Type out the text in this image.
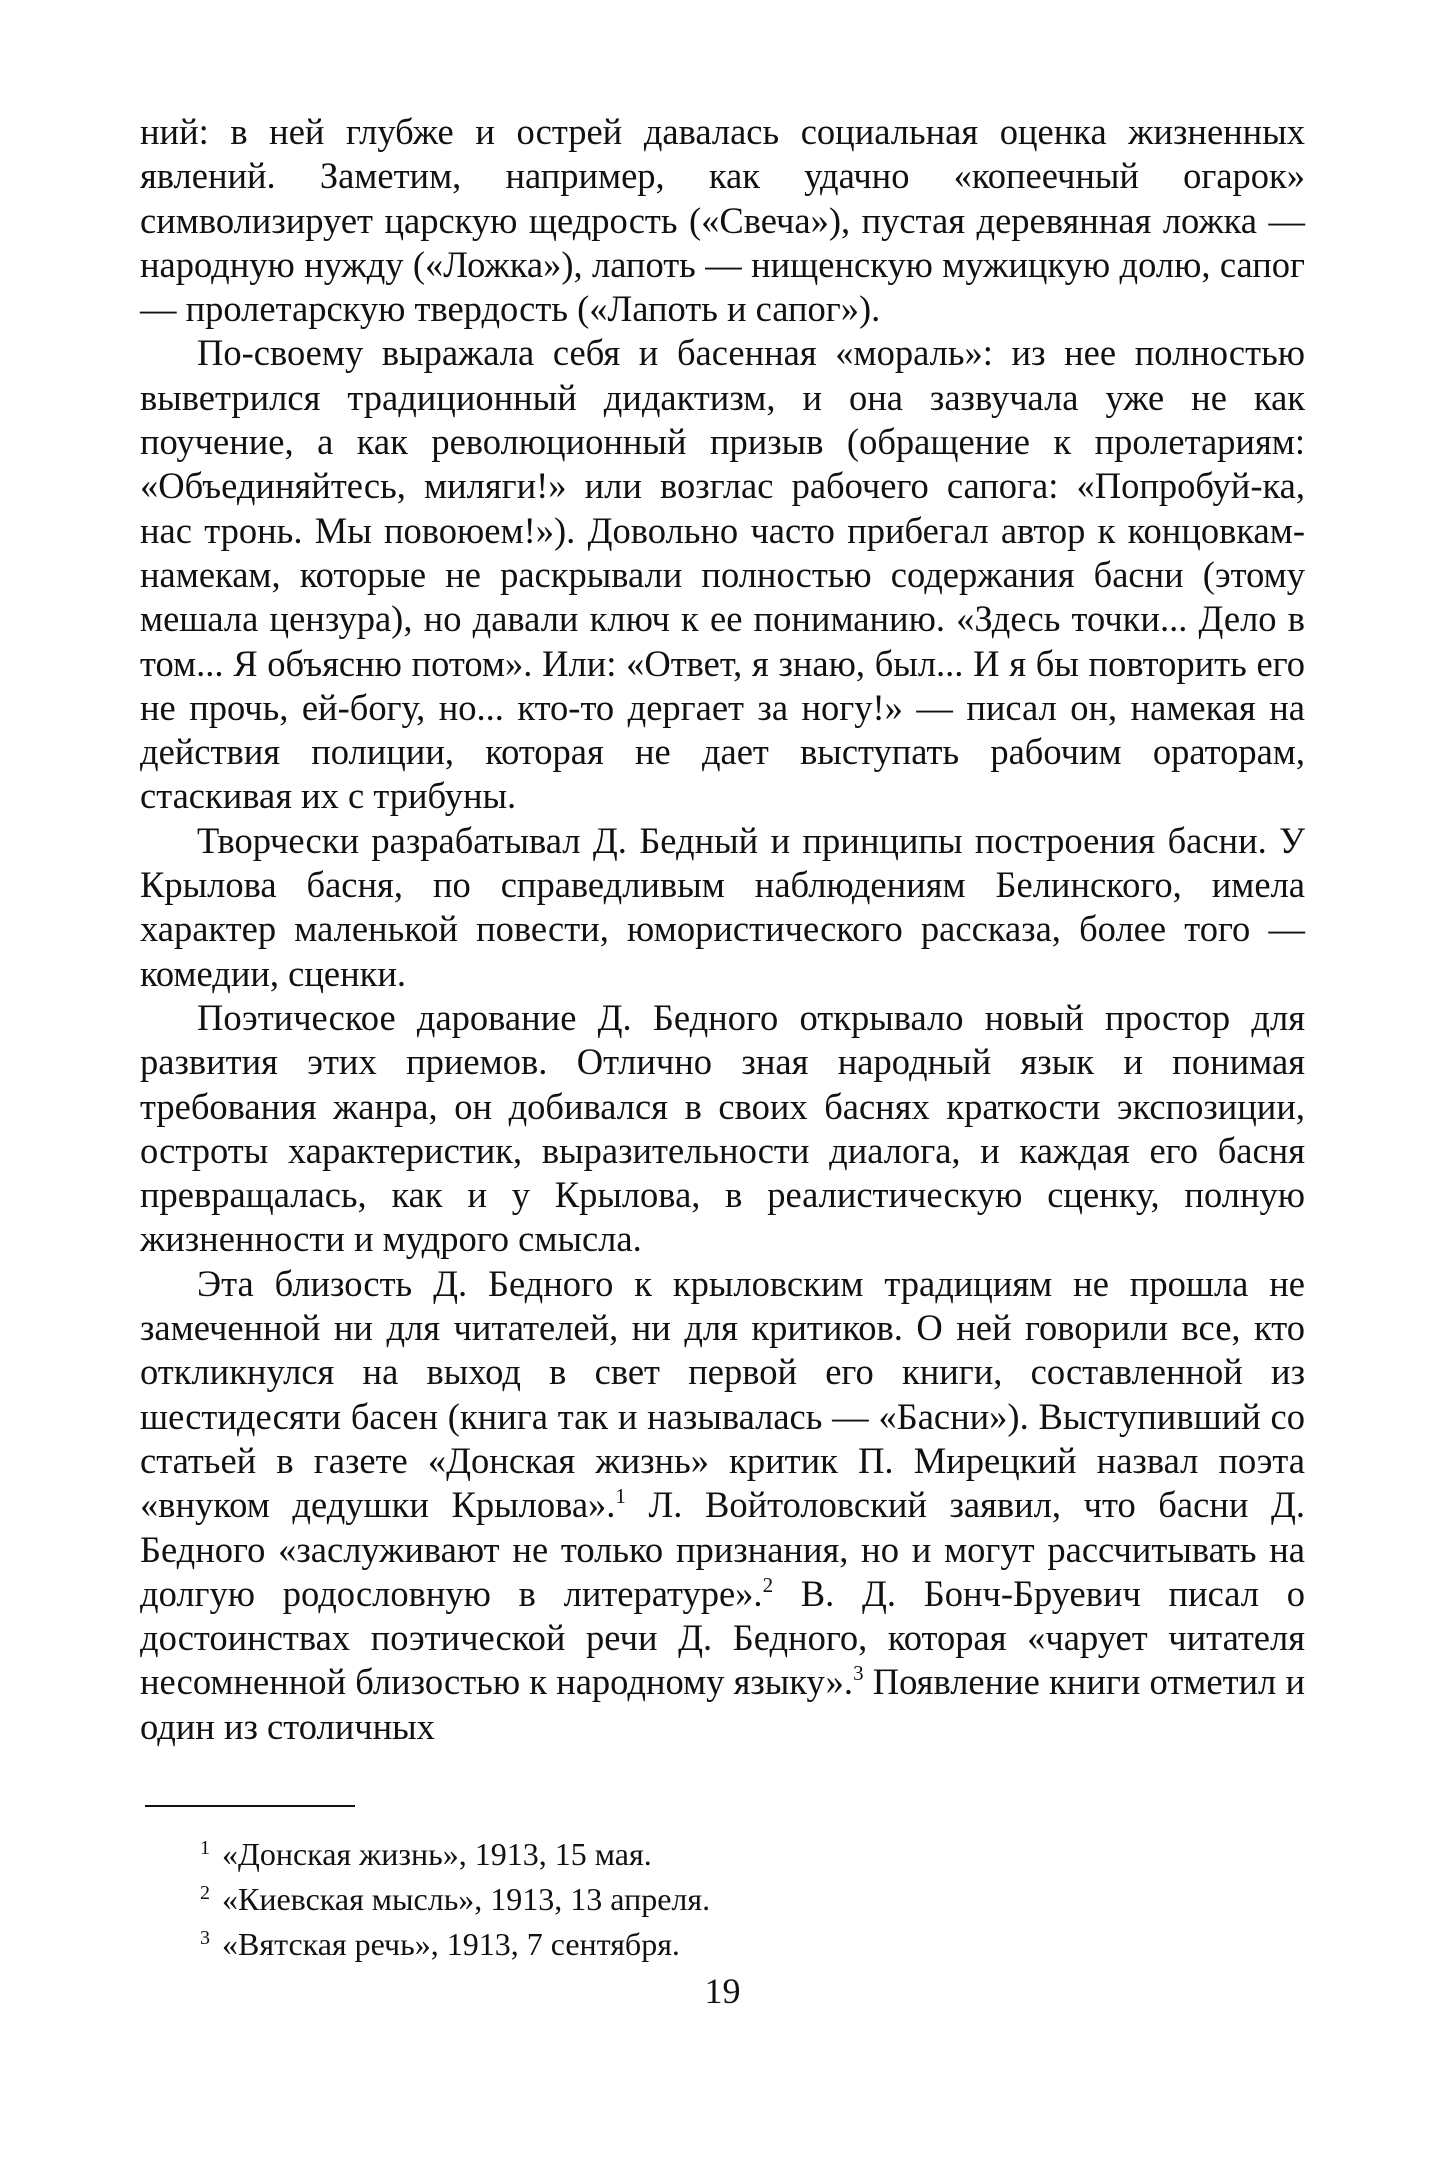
ний: в ней глубже и острей давалась социальная оценка жизненных явлений. Заметим, например, как удачно «копеечный огарок» символизирует царскую щедрость («Свеча»), пустая деревянная ложка — народную нужду («Ложка»), лапоть — нищенскую мужицкую долю, сапог — пролетарскую твердость («Лапоть и сапог»).

По-своему выражала себя и басенная «мораль»: из нее полностью выветрился традиционный дидактизм, и она зазвучала уже не как поучение, а как революционный призыв (обращение к пролетариям: «Объединяйтесь, миляги!» или возглас рабочего сапога: «Попробуй-ка, нас тронь. Мы повоюем!»). Довольно часто прибегал автор к концовкам-намекам, которые не раскрывали полностью содержания басни (этому мешала цензура), но давали ключ к ее пониманию. «Здесь точки... Дело в том... Я объясню потом». Или: «Ответ, я знаю, был... И я бы повторить его не прочь, ей-богу, но... кто-то дергает за ногу!» — писал он, намекая на действия полиции, которая не дает выступать рабочим ораторам, стаскивая их с трибуны.

Творчески разрабатывал Д. Бедный и принципы построения басни. У Крылова басня, по справедливым наблюдениям Белинского, имела характер маленькой повести, юмористического рассказа, более того — комедии, сценки.

Поэтическое дарование Д. Бедного открывало новый простор для развития этих приемов. Отлично зная народный язык и понимая требования жанра, он добивался в своих баснях краткости экспозиции, остроты характеристик, выразительности диалога, и каждая его басня превращалась, как и у Крылова, в реалистическую сценку, полную жизненности и мудрого смысла.

Эта близость Д. Бедного к крыловским традициям не прошла не замеченной ни для читателей, ни для критиков. О ней говорили все, кто откликнулся на выход в свет первой его книги, составленной из шестидесяти басен (книга так и называлась — «Басни»). Выступивший со статьей в газете «Донская жизнь» критик П. Мирецкий назвал поэта «внуком дедушки Крылова».$^1$ Л. Войтоловский заявил, что басни Д. Бедного «заслуживают не только признания, но и могут рассчитывать на долгую родословную в литературе».$^2$ В. Д. Бонч-Бруевич писал о достоинствах поэтической речи Д. Бедного, которая «чарует читателя несомненной близостью к народному языку».$^3$ Появление книги отметил и один из столичных

$^1$ «Донская жизнь», 1913, 15 мая.
$^2$ «Киевская мысль», 1913, 13 апреля.
$^3$ «Вятская речь», 1913, 7 сентября.
19
